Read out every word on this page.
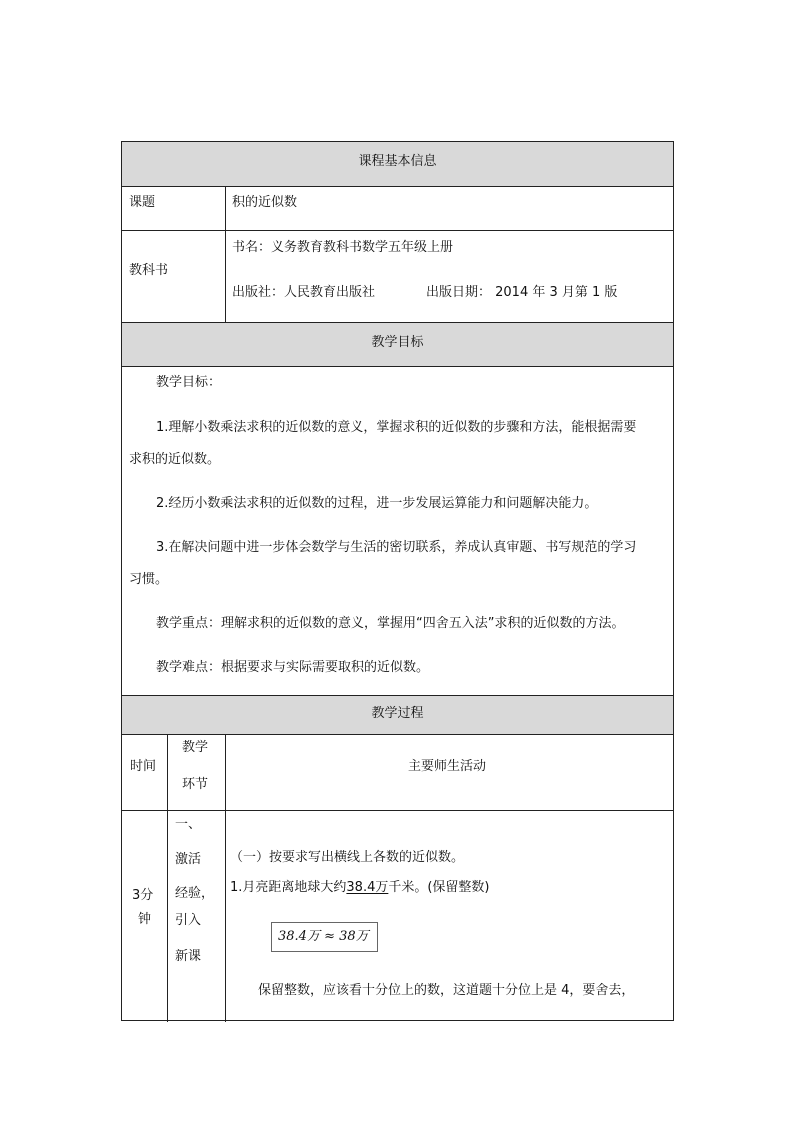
课程基本信息
课题	积的近似数
教科书
书名：义务教育教科书数学五年级上册
出版社：人民教育出版社	出版日期： 2014 年 3 月第 1 版
教学目标
教学目标：
1.理解小数乘法求积的近似数的意义，掌握求积的近似数的步骤和方法，能根据需要
求积的近似数。
2.经历小数乘法求积的近似数的过程，进一步发展运算能力和问题解决能力。
3.在解决问题中进一步体会数学与生活的密切联系，养成认真审题、书写规范的学习
习惯。
教学重点：理解求积的近似数的意义，掌握用“四舍五入法”求积的近似数的方法。
教学难点：根据要求与实际需要取积的近似数。
教学过程
时间
教学
环节
主要师生活动
3分
钟
一、
激活
经验，
引入
新课
（一）按要求写出横线上各数的近似数。
1.月亮距离地球大约38.4万千米。(保留整数)
保留整数，应该看十分位上的数，这道题十分位上是 4，要舍去，
38.4万 ≈ 38万
